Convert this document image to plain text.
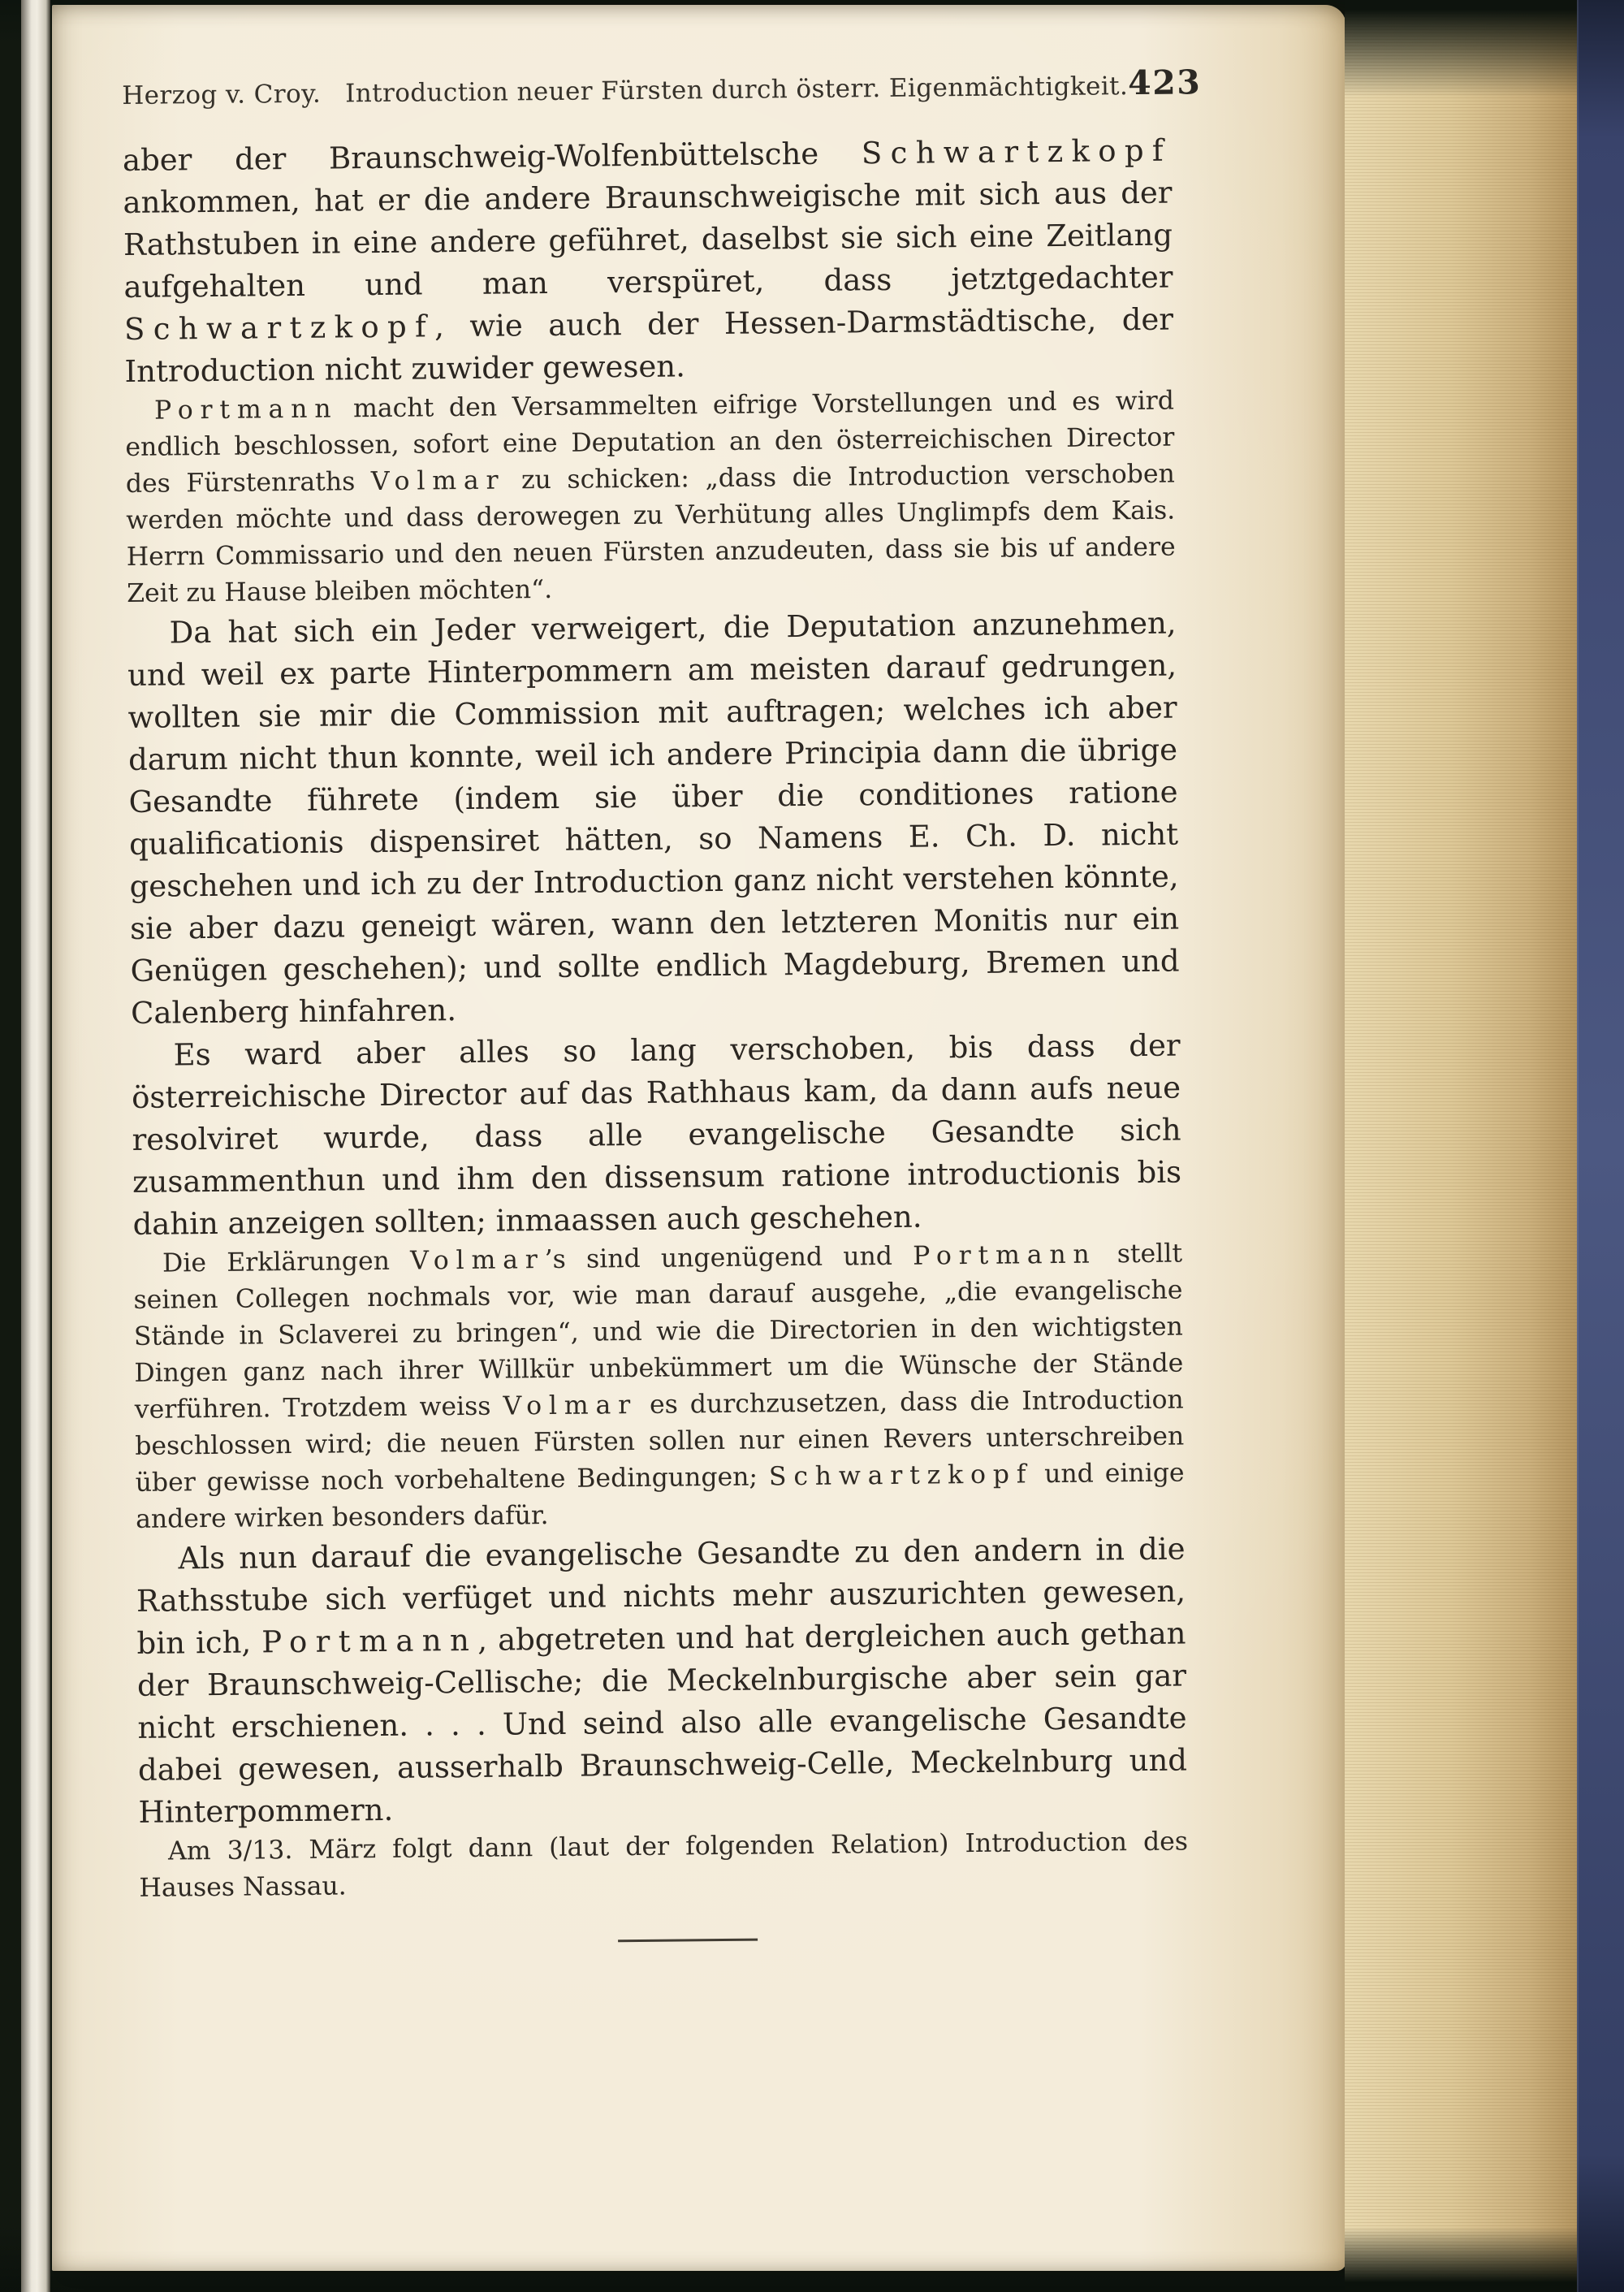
Herzog v. Croy. Introduction neuer Fürsten durch österr. Eigenmächtigkeit. 423

aber der Braunschweig-Wolfenbüttelsche Schwartzkopf ankommen, hat er die andere Braunschweigische mit sich aus der Rathstuben in eine andere geführet, daselbst sie sich eine Zeitlang aufgehalten und man verspüret, dass jetztgedachter Schwartzkopf, wie auch der Hessen-Darmstädtische, der Introduction nicht zuwider gewesen.

Portmann macht den Versammelten eifrige Vorstellungen und es wird endlich beschlossen, sofort eine Deputation an den österreichischen Director des Fürstenraths Volmar zu schicken: „dass die Introduction verschoben werden möchte und dass derowegen zu Verhütung alles Unglimpfs dem Kais. Herrn Commissario und den neuen Fürsten anzudeuten, dass sie bis uf andere Zeit zu Hause bleiben möchten“.

Da hat sich ein Jeder verweigert, die Deputation anzunehmen, und weil ex parte Hinterpommern am meisten darauf gedrungen, wollten sie mir die Commission mit auftragen; welches ich aber darum nicht thun konnte, weil ich andere Principia dann die übrige Gesandte führete (indem sie über die conditiones ratione qualificationis dispensiret hätten, so Namens E. Ch. D. nicht geschehen und ich zu der Introduction ganz nicht verstehen könnte, sie aber dazu geneigt wären, wann den letzteren Monitis nur ein Genügen geschehen); und sollte endlich Magdeburg, Bremen und Calenberg hinfahren.

Es ward aber alles so lang verschoben, bis dass der österreichische Director auf das Rathhaus kam, da dann aufs neue resolviret wurde, dass alle evangelische Gesandte sich zusammenthun und ihm den dissensum ratione introductionis bis dahin anzeigen sollten; inmaassen auch geschehen.

Die Erklärungen Volmar’s sind ungenügend und Portmann stellt seinen Collegen nochmals vor, wie man darauf ausgehe, „die evangelische Stände in Sclaverei zu bringen“, und wie die Directorien in den wichtigsten Dingen ganz nach ihrer Willkür unbekümmert um die Wünsche der Stände verführen. Trotzdem weiss Volmar es durchzusetzen, dass die Introduction beschlossen wird; die neuen Fürsten sollen nur einen Revers unterschreiben über gewisse noch vorbehaltene Bedingungen; Schwartzkopf und einige andere wirken besonders dafür.

Als nun darauf die evangelische Gesandte zu den andern in die Rathsstube sich verfüget und nichts mehr auszurichten gewesen, bin ich, Portmann, abgetreten und hat dergleichen auch gethan der Braunschweig-Cellische; die Meckelnburgische aber sein gar nicht erschienen. . . . Und seind also alle evangelische Gesandte dabei gewesen, ausserhalb Braunschweig-Celle, Meckelnburg und Hinterpommern.

Am 3/13. März folgt dann (laut der folgenden Relation) Introduction des Hauses Nassau.
